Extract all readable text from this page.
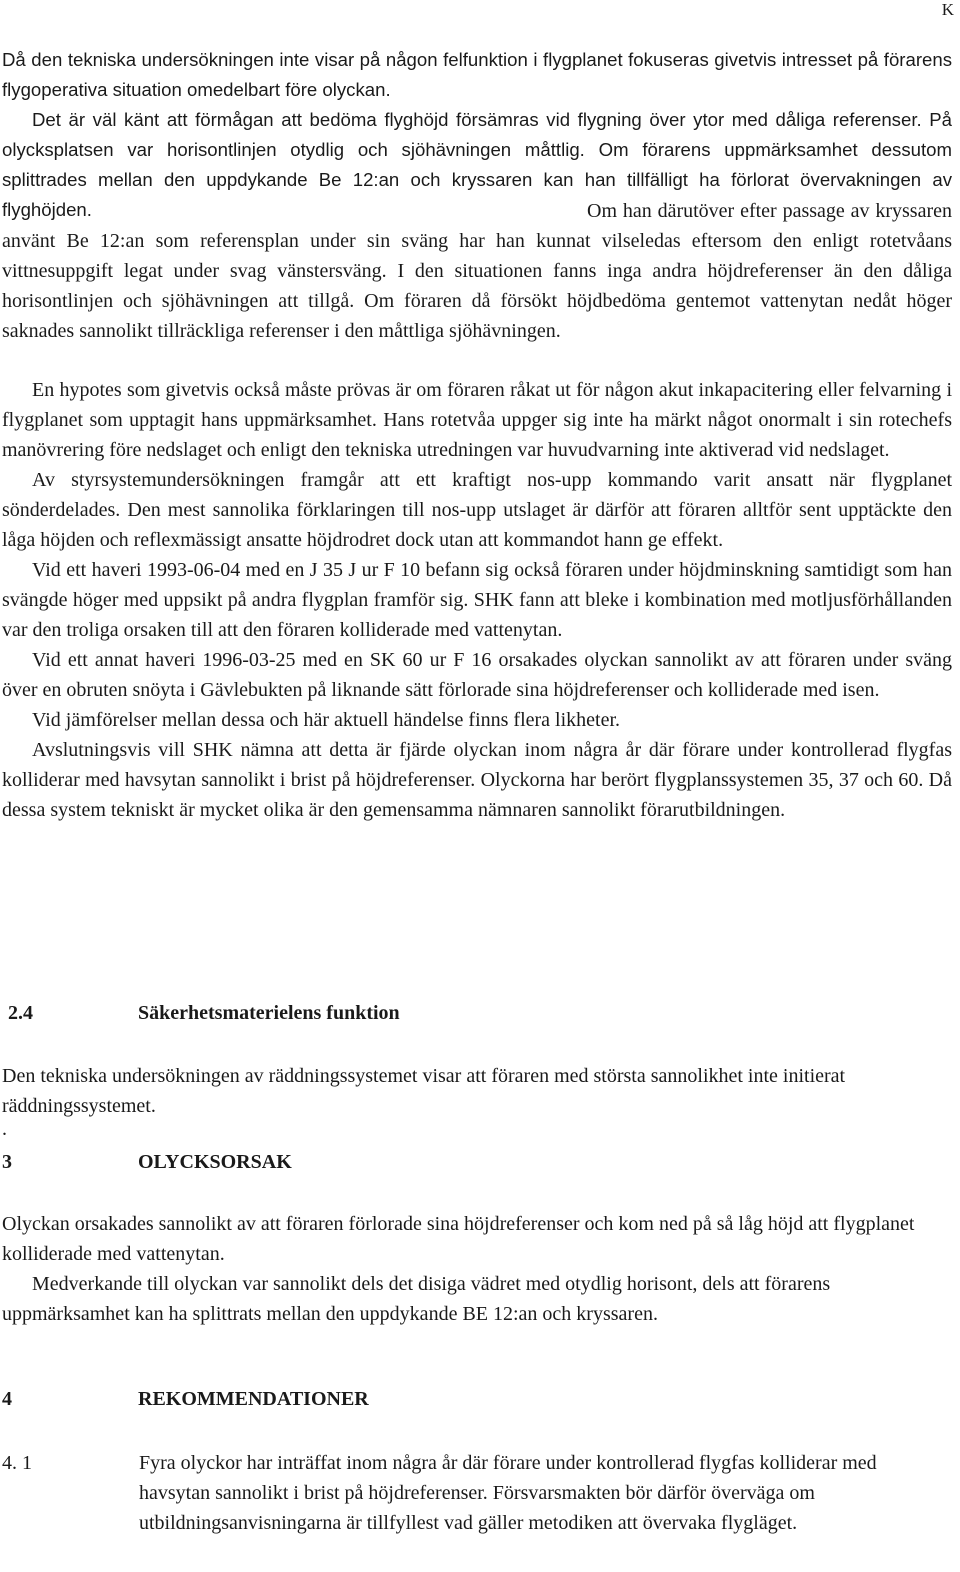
K

Då den tekniska undersökningen inte visar på någon felfunktion i flygplanet fokuseras givetvis intresset på förarens flygoperativa situation omedelbart före olyckan.

Det är väl känt att förmågan att bedöma flyghöjd försämras vid flygning över ytor med dåliga referenser. På olycksplatsen var horisontlinjen otydlig och sjöhävningen måttlig. Om förarens uppmärksamhet dessutom splittrades mellan den uppdykande Be 12:an och kryssaren kan han tillfälligt ha förlorat övervakningen av flyghöjden.	Om han därutöver efter passage av kryssaren använt Be 12:an som referensplan under sin sväng har han kunnat vilseledas eftersom den enligt rotetvåans vittnesuppgift legat under svag vänstersväng. I den situationen fanns inga andra höjdreferenser än den dåliga horisontlinjen och sjöhävningen att tillgå. Om föraren då försökt höjdbedöma gentemot vattenytan nedåt höger saknades sannolikt tillräckliga referenser i den måttliga sjöhävningen.

En hypotes som givetvis också måste prövas är om föraren råkat ut för någon akut inkapacitering eller felvarning i flygplanet som upptagit hans uppmärksamhet. Hans rotetvåa uppger sig inte ha märkt något onormalt i sin rotechefs manövrering före nedslaget och enligt den tekniska utredningen var huvudvarning inte aktiverad vid nedslaget.

Av styrsystemundersökningen framgår att ett kraftigt nos-upp kommando varit ansatt när flygplanet sönderdelades. Den mest sannolika förklaringen till nos-upp utslaget är därför att föraren alltför sent upptäckte den låga höjden och reflexmässigt ansatte höjdrodret dock utan att kommandot hann ge effekt.

Vid ett haveri 1993-06-04 med en J 35 J ur F 10 befann sig också föraren under höjdminskning samtidigt som han svängde höger med uppsikt på andra flygplan framför sig. SHK fann att bleke i kombination med motljusförhållanden var den troliga orsaken till att den föraren kolliderade med vattenytan.

Vid ett annat haveri 1996-03-25 med en SK 60 ur F 16 orsakades olyckan sannolikt av att föraren under sväng över en obruten snöyta i Gävlebukten på liknande sätt förlorade sina höjdreferenser och kolliderade med isen.

Vid jämförelser mellan dessa och här aktuell händelse finns flera likheter.

Avslutningsvis vill SHK nämna att detta är fjärde olyckan inom några år där förare under kontrollerad flygfas kolliderar med havsytan sannolikt i brist på höjdreferenser. Olyckorna har berört flygplanssystemen 35, 37 och 60. Då dessa system tekniskt är mycket olika är den gemensamma nämnaren sannolikt förarutbildningen.

2.4	Säkerhetsmaterielens funktion
Den tekniska undersökningen av räddningssystemet visar att föraren med största sannolikhet inte initierat räddningssystemet.
.
3	OLYCKSORSAK

Olyckan orsakades sannolikt av att föraren förlorade sina höjdreferenser och kom ned på så låg höjd att flygplanet kolliderade med vattenytan.

Medverkande till olyckan var sannolikt dels det disiga vädret med otydlig horisont, dels att förarens uppmärksamhet kan ha splittrats mellan den uppdykande BE 12:an och kryssaren.

4	REKOMMENDATIONER
4. 1	Fyra olyckor har inträffat inom några år där förare under kontrollerad flygfas kolliderar med havsytan sannolikt i brist på höjdreferenser. Försvarsmakten bör därför överväga om utbildningsanvisningarna är tillfyllest vad gäller metodiken att övervaka flygläget.
